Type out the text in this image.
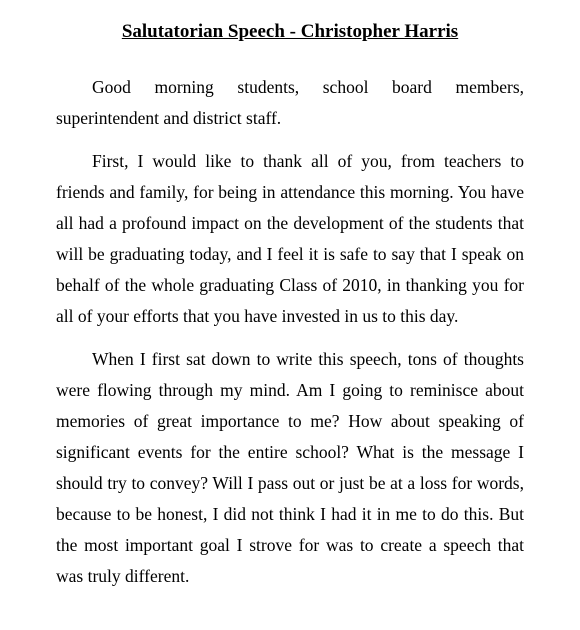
Salutatorian Speech - Christopher Harris

Good morning students, school board members, superintendent and district staff.

First, I would like to thank all of you, from teachers to friends and family, for being in attendance this morning. You have all had a profound impact on the development of the students that will be graduating today, and I feel it is safe to say that I speak on behalf of the whole graduating Class of 2010, in thanking you for all of your efforts that you have invested in us to this day.

When I first sat down to write this speech, tons of thoughts were flowing through my mind. Am I going to reminisce about memories of great importance to me? How about speaking of significant events for the entire school? What is the message I should try to convey? Will I pass out or just be at a loss for words, because to be honest, I did not think I had it in me to do this. But the most important goal I strove for was to create a speech that was truly different.
